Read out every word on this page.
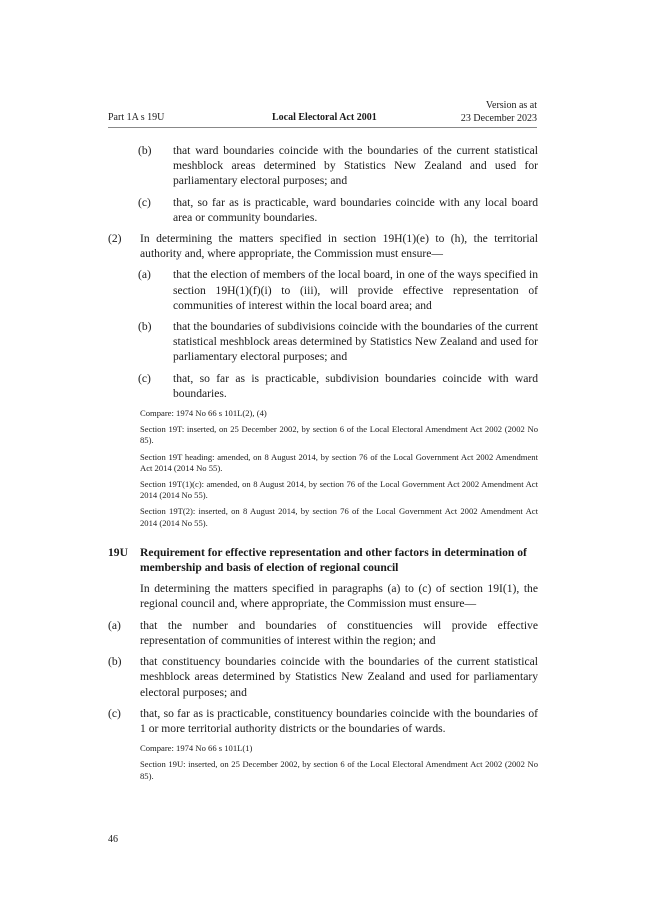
Part 1A s 19U	Local Electoral Act 2001
Version as at
23 December 2023
(b) that ward boundaries coincide with the boundaries of the current statistical meshblock areas determined by Statistics New Zealand and used for parliamentary electoral purposes; and
(c) that, so far as is practicable, ward boundaries coincide with any local board area or community boundaries.
(2) In determining the matters specified in section 19H(1)(e) to (h), the territorial authority and, where appropriate, the Commission must ensure—
(a) that the election of members of the local board, in one of the ways specified in section 19H(1)(f)(i) to (iii), will provide effective representation of communities of interest within the local board area; and
(b) that the boundaries of subdivisions coincide with the boundaries of the current statistical meshblock areas determined by Statistics New Zealand and used for parliamentary electoral purposes; and
(c) that, so far as is practicable, subdivision boundaries coincide with ward boundaries.
Compare: 1974 No 66 s 101L(2), (4)
Section 19T: inserted, on 25 December 2002, by section 6 of the Local Electoral Amendment Act 2002 (2002 No 85).
Section 19T heading: amended, on 8 August 2014, by section 76 of the Local Government Act 2002 Amendment Act 2014 (2014 No 55).
Section 19T(1)(c): amended, on 8 August 2014, by section 76 of the Local Government Act 2002 Amendment Act 2014 (2014 No 55).
Section 19T(2): inserted, on 8 August 2014, by section 76 of the Local Government Act 2002 Amendment Act 2014 (2014 No 55).
19U Requirement for effective representation and other factors in determination of membership and basis of election of regional council
In determining the matters specified in paragraphs (a) to (c) of section 19I(1), the regional council and, where appropriate, the Commission must ensure—
(a) that the number and boundaries of constituencies will provide effective representation of communities of interest within the region; and
(b) that constituency boundaries coincide with the boundaries of the current statistical meshblock areas determined by Statistics New Zealand and used for parliamentary electoral purposes; and
(c) that, so far as is practicable, constituency boundaries coincide with the boundaries of 1 or more territorial authority districts or the boundaries of wards.
Compare: 1974 No 66 s 101L(1)
Section 19U: inserted, on 25 December 2002, by section 6 of the Local Electoral Amendment Act 2002 (2002 No 85).
46
